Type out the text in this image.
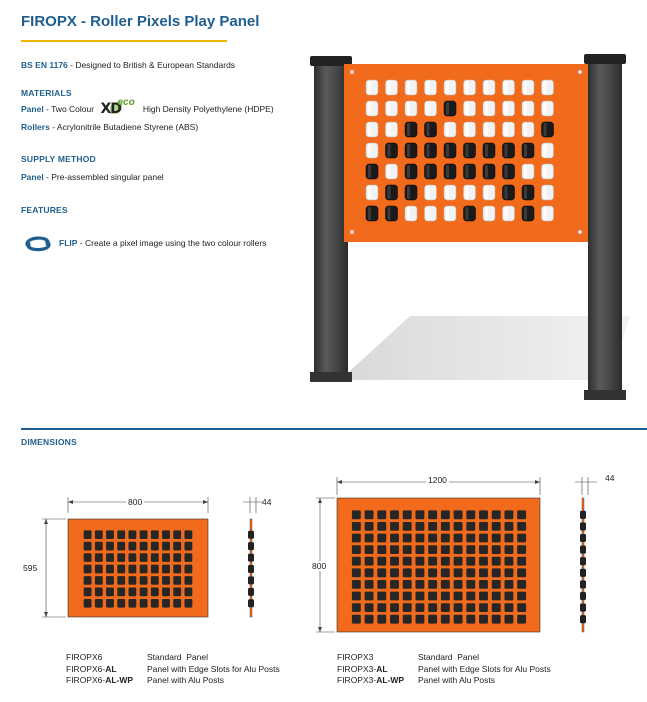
FIROPX - Roller Pixels Play Panel
BS EN 1176 - Designed to British & European Standards
MATERIALS
Panel - Two Colour XD
eco
High Density Polyethylene (HDPE)
Rollers - Acrylonitrile Butadiene Styrene (ABS)
SUPPLY METHOD
Panel - Pre-assembled singular panel
FEATURES
FLIP - Create a pixel image using the two colour rollers
DIMENSIONS
800
595
44
1200
800
44
FIROPX6	Standard  Panel
FIROPX6-AL	Panel with Edge Slots for Alu Posts
FIROPX6-AL-WP	Panel with Alu Posts
FIROPX3	Standard  Panel
FIROPX3-AL	Panel with Edge Slots for Alu Posts
FIROPX3-AL-WP	Panel with Alu Posts
